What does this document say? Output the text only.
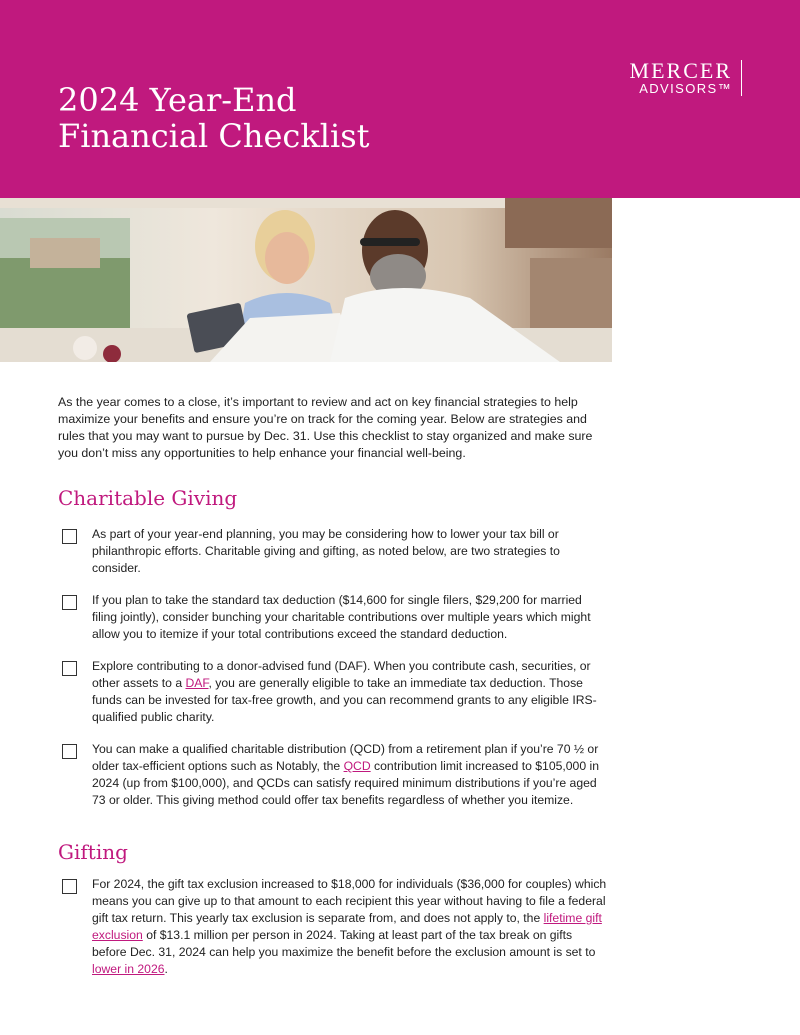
2024 Year-End
Financial Checklist
MERCER
ADVISORS™

As the year comes to a close, it’s important to review and act on key financial strategies to help maximize your benefits and ensure you’re on track for the coming year. Below are strategies and rules that you may want to pursue by Dec. 31. Use this checklist to stay organized and make sure you don’t miss any opportunities to help enhance your financial well-being.

Charitable Giving
As part of your year-end planning, you may be considering how to lower your tax bill or philanthropic efforts. Charitable giving and gifting, as noted below, are two strategies to consider.
If you plan to take the standard tax deduction ($14,600 for single filers, $29,200 for married filing jointly), consider bunching your charitable contributions over multiple years which might allow you to itemize if your total contributions exceed the standard deduction.
Explore contributing to a donor-advised fund (DAF). When you contribute cash, securities, or other assets to a DAF, you are generally eligible to take an immediate tax deduction. Those funds can be invested for tax-free growth, and you can recommend grants to any eligible IRS-qualified public charity.
You can make a qualified charitable distribution (QCD) from a retirement plan if you’re 70 ½ or older tax-efficient options such as Notably, the QCD contribution limit increased to $105,000 in 2024 (up from $100,000), and QCDs can satisfy required minimum distributions if you’re aged 73 or older. This giving method could offer tax benefits regardless of whether you itemize.
Gifting
For 2024, the gift tax exclusion increased to $18,000 for individuals ($36,000 for couples) which means you can give up to that amount to each recipient this year without having to file a federal gift tax return. This yearly tax exclusion is separate from, and does not apply to, the lifetime gift exclusion of $13.1 million per person in 2024. Taking at least part of the tax break on gifts before Dec. 31, 2024 can help you maximize the benefit before the exclusion amount is set to lower in 2026.
